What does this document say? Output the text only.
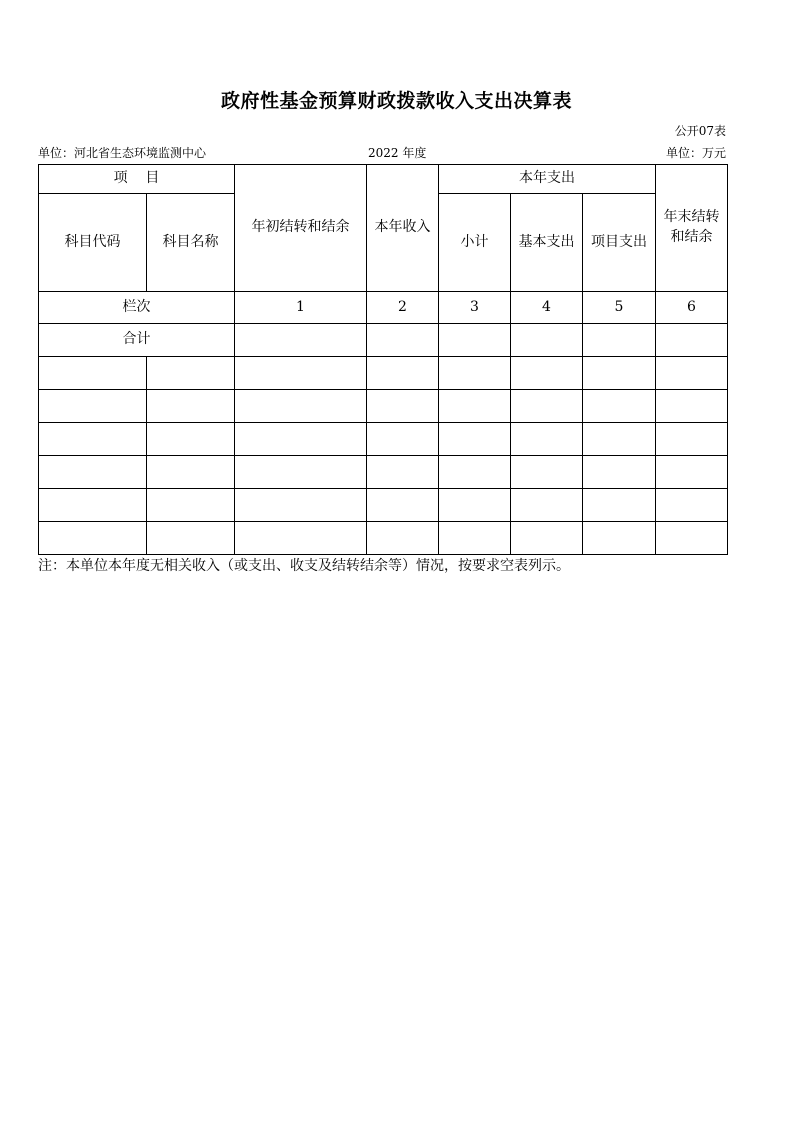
政府性基金预算财政拨款收入支出决算表
公开07表
单位：河北省生态环境监测中心	2022 年度	单位：万元
项    目		年初结转和结余	本年收入	本年支出			年末结转和结余
科目代码	科目名称			小计	基本支出	项目支出	
栏次		1	2	3	4	5	6
合计							

注：本单位本年度无相关收入（或支出、收支及结转结余等）情况，按要求空表列示。
